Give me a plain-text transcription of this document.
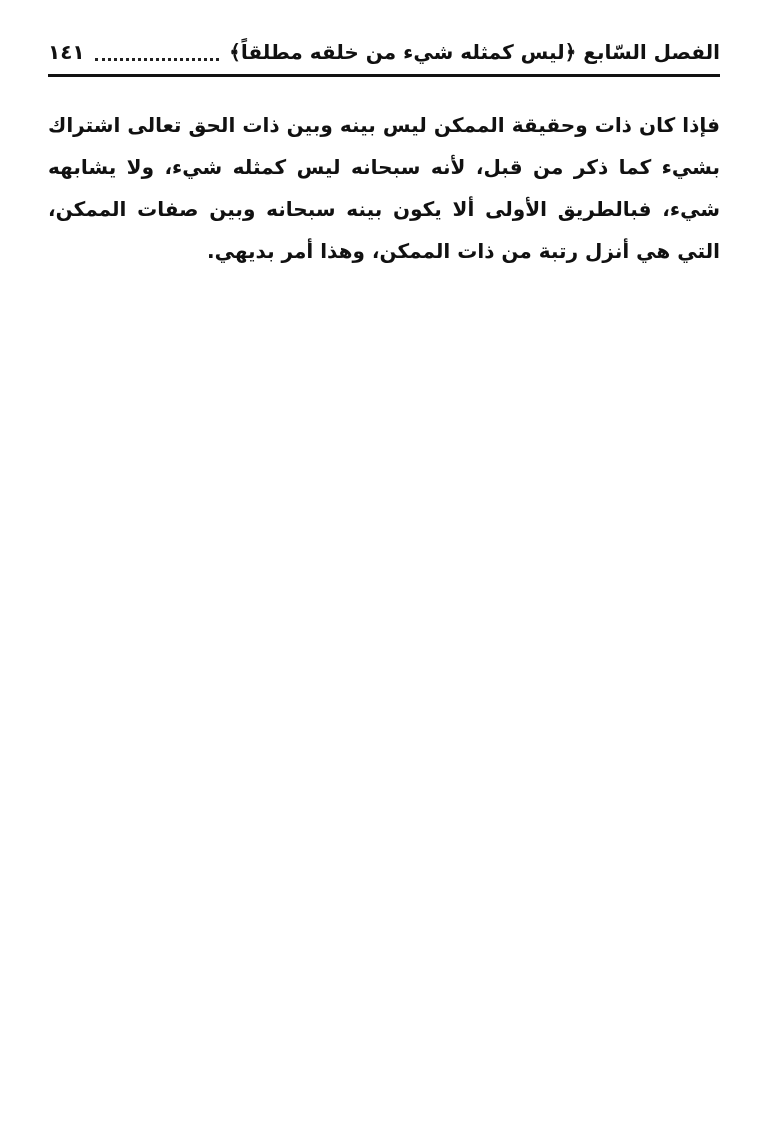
الفصل السّابع ﴿ليس كمثله شيء من خلقه مطلقاً﴾
١٤١

فإذا كان ذات وحقيقة الممكن ليس بينه وبين ذات الحق تعالى اشتراك بشيء كما ذكر من قبل، لأنه سبحانه ليس كمثله شيء، ولا يشابهه شيء، فبالطريق الأولى ألا يكون بينه سبحانه وبين صفات الممكن، التي هي أنزل رتبة من ذات الممكن، وهذا أمر بديهي.
